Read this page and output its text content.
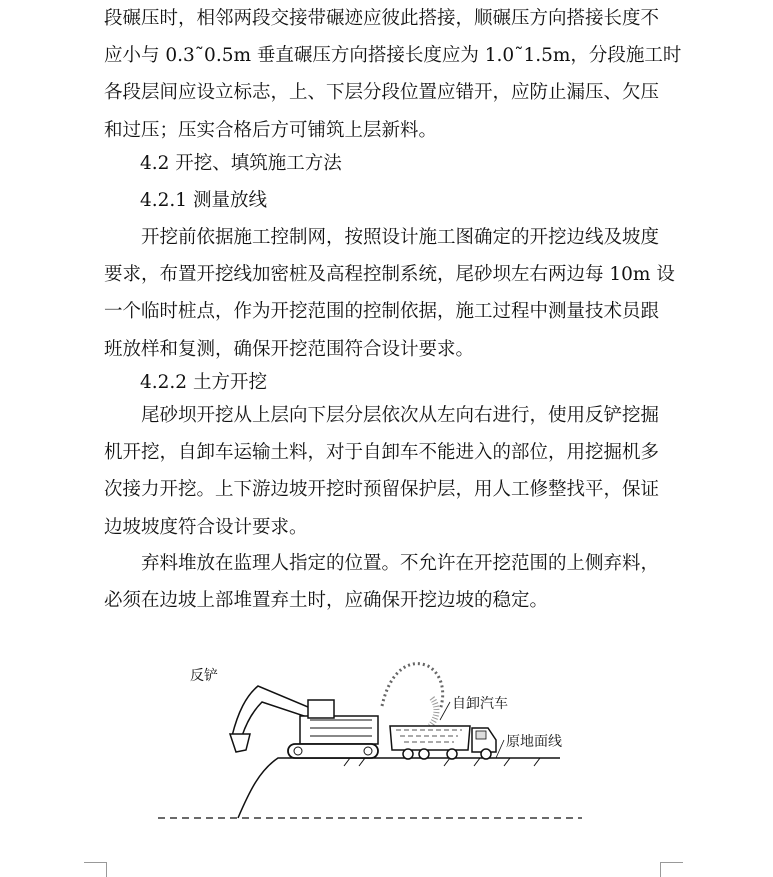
段碾压时，相邻两段交接带碾迹应彼此搭接，顺碾压方向搭接长度不
应小与 0.3˜0.5m 垂直碾压方向搭接长度应为 1.0˜1.5m，分段施工时
各段层间应设立标志，上、下层分段位置应错开，应防止漏压、欠压
和过压；压实合格后方可铺筑上层新料。

4.2 开挖、填筑施工方法
4.2.1 测量放线

　　开挖前依据施工控制网，按照设计施工图确定的开挖边线及坡度
要求，布置开挖线加密桩及高程控制系统，尾砂坝左右两边每 10m 设
一个临时桩点，作为开挖范围的控制依据，施工过程中测量技术员跟
班放样和复测，确保开挖范围符合设计要求。

4.2.2 土方开挖

　　尾砂坝开挖从上层向下层分层依次从左向右进行，使用反铲挖掘
机开挖，自卸车运输土料，对于自卸车不能进入的部位，用挖掘机多
次接力开挖。上下游边坡开挖时预留保护层，用人工修整找平，保证
边坡坡度符合设计要求。

　　弃料堆放在监理人指定的位置。不允许在开挖范围的上侧弃料，
必须在边坡上部堆置弃土时，应确保开挖边坡的稳定。

反铲
自卸汽车
原地面线
